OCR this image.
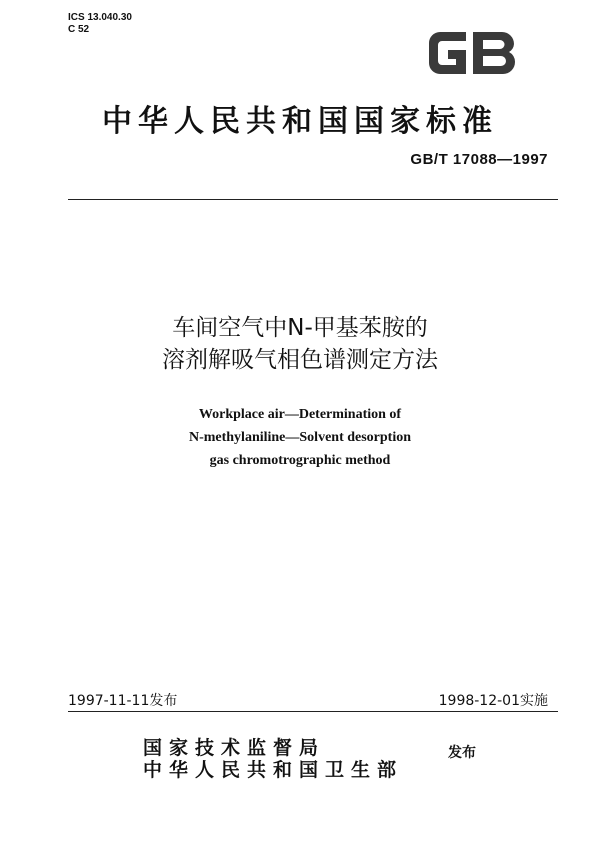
ICS 13.040.30
C 52
中华人民共和国国家标准
GB/T 17088—1997
车间空气中N-甲基苯胺的
溶剂解吸气相色谱测定方法
Workplace air—Determination of
N-methylaniline—Solvent desorption
gas chromotrographic method
1997-11-11发布	1998-12-01实施
国家技术监督局
中华人民共和国卫生部
发布
